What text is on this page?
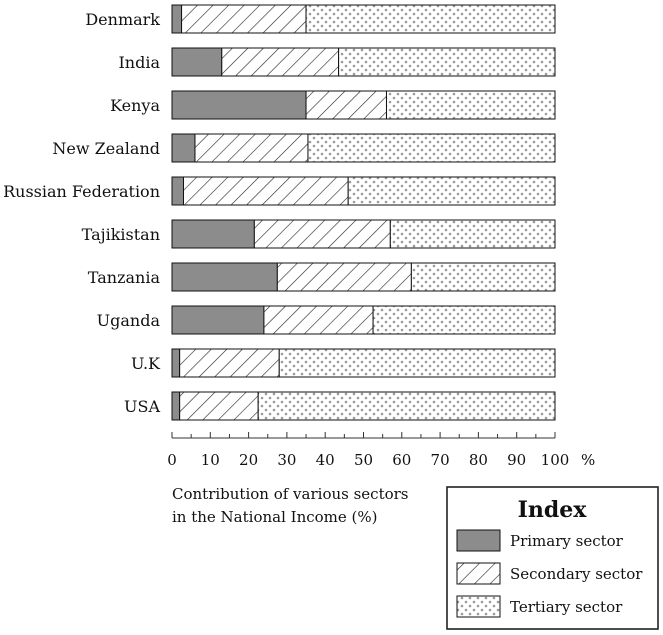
Denmark
India
Kenya
New Zealand
Russian Federation
Tajikistan
Tanzania
Uganda
U.K
USA
0 10 20 30 40 50 60 70 80 90 100 %
Contribution of various sectors
in the National Income (%)	Index
Primary sector
Secondary sector
Tertiary sector
